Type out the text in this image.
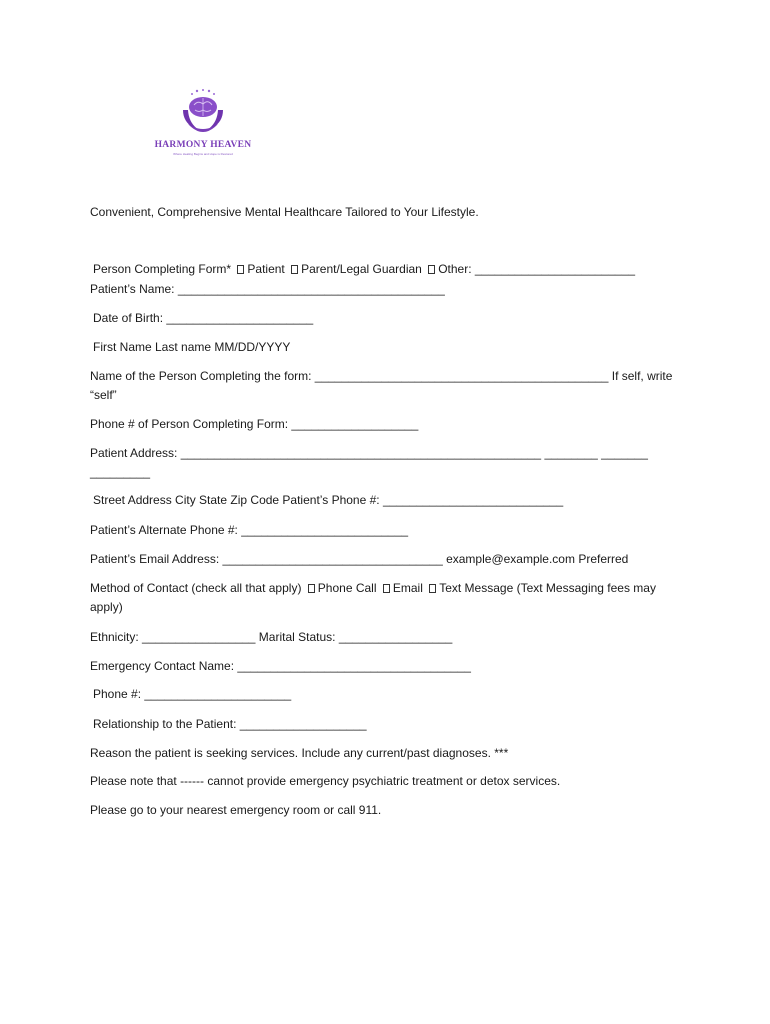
HARMONY HEAVEN
Where Healing Begins and Hope is Restored
Convenient, Comprehensive Mental Healthcare Tailored to Your Lifestyle.
Person Completing Form* Patient Parent/Legal Guardian Other: ________________________
Patient’s Name: ________________________________________
Date of Birth: ______________________
First Name Last name MM/DD/YYYY
Name of the Person Completing the form: ____________________________________________ If self, write “self”
Phone # of Person Completing Form: ___________________
Patient Address: ______________________________________________________ ________ _______
_________
Street Address City State Zip Code Patient’s Phone #: ___________________________
Patient’s Alternate Phone #: _________________________
Patient’s Email Address: _________________________________ example@example.com Preferred
Method of Contact (check all that apply) Phone Call Email Text Message (Text Messaging fees may apply)
Ethnicity: _________________ Marital Status: _________________
Emergency Contact Name: ___________________________________
Phone #: ______________________
Relationship to the Patient: ___________________
Reason the patient is seeking services. Include any current/past diagnoses. ***
Please note that ------ cannot provide emergency psychiatric treatment or detox services.
Please go to your nearest emergency room or call 911.
